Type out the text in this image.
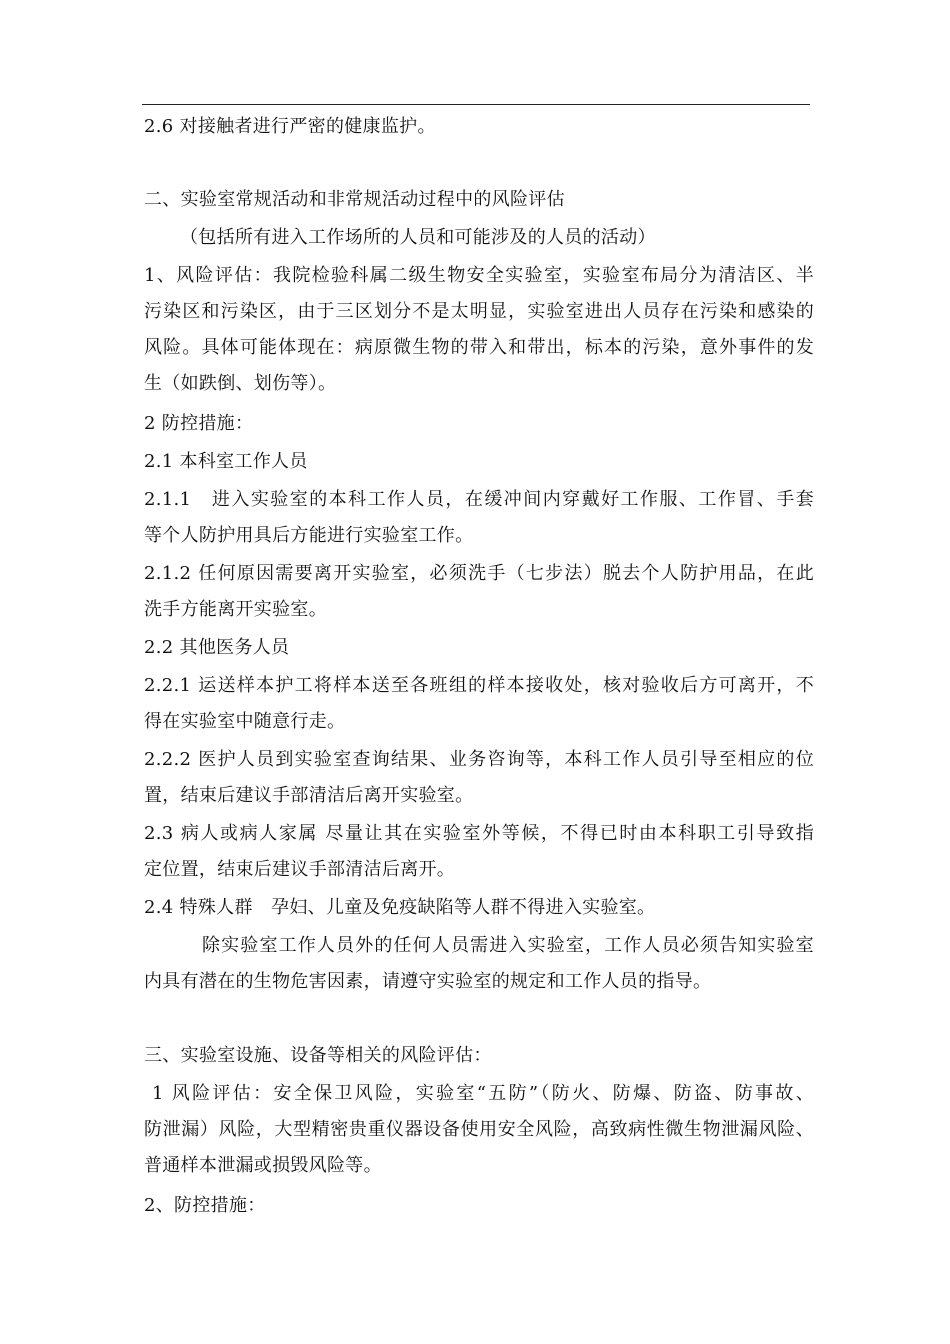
2.6 对接触者进行严密的健康监护。
二、实验室常规活动和非常规活动过程中的风险评估
（包括所有进入工作场所的人员和可能涉及的人员的活动）
1、风险评估：我院检验科属二级生物安全实验室，实验室布局分为清洁区、半
污染区和污染区，由于三区划分不是太明显，实验室进出人员存在污染和感染的
风险。具体可能体现在：病原微生物的带入和带出，标本的污染，意外事件的发
生（如跌倒、划伤等）。
2 防控措施：
2.1 本科室工作人员
2.1.1　进入实验室的本科工作人员，在缓冲间内穿戴好工作服、工作冒、手套
等个人防护用具后方能进行实验室工作。
2.1.2 任何原因需要离开实验室，必须洗手（七步法）脱去个人防护用品，在此
洗手方能离开实验室。
2.2 其他医务人员
2.2.1 运送样本护工将样本送至各班组的样本接收处，核对验收后方可离开，不
得在实验室中随意行走。
2.2.2 医护人员到实验室查询结果、业务咨询等，本科工作人员引导至相应的位
置，结束后建议手部清洁后离开实验室。
2.3 病人或病人家属 尽量让其在实验室外等候，不得已时由本科职工引导致指
定位置，结束后建议手部清洁后离开。
2.4 特殊人群　孕妇、儿童及免疫缺陷等人群不得进入实验室。
除实验室工作人员外的任何人员需进入实验室，工作人员必须告知实验室
内具有潜在的生物危害因素，请遵守实验室的规定和工作人员的指导。
三、实验室设施、设备等相关的风险评估：
1 风险评估：安全保卫风险，实验室“五防”（防火、防爆、防盗、防事故、
防泄漏）风险，大型精密贵重仪器设备使用安全风险，高致病性微生物泄漏风险、
普通样本泄漏或损毁风险等。
2、防控措施：
